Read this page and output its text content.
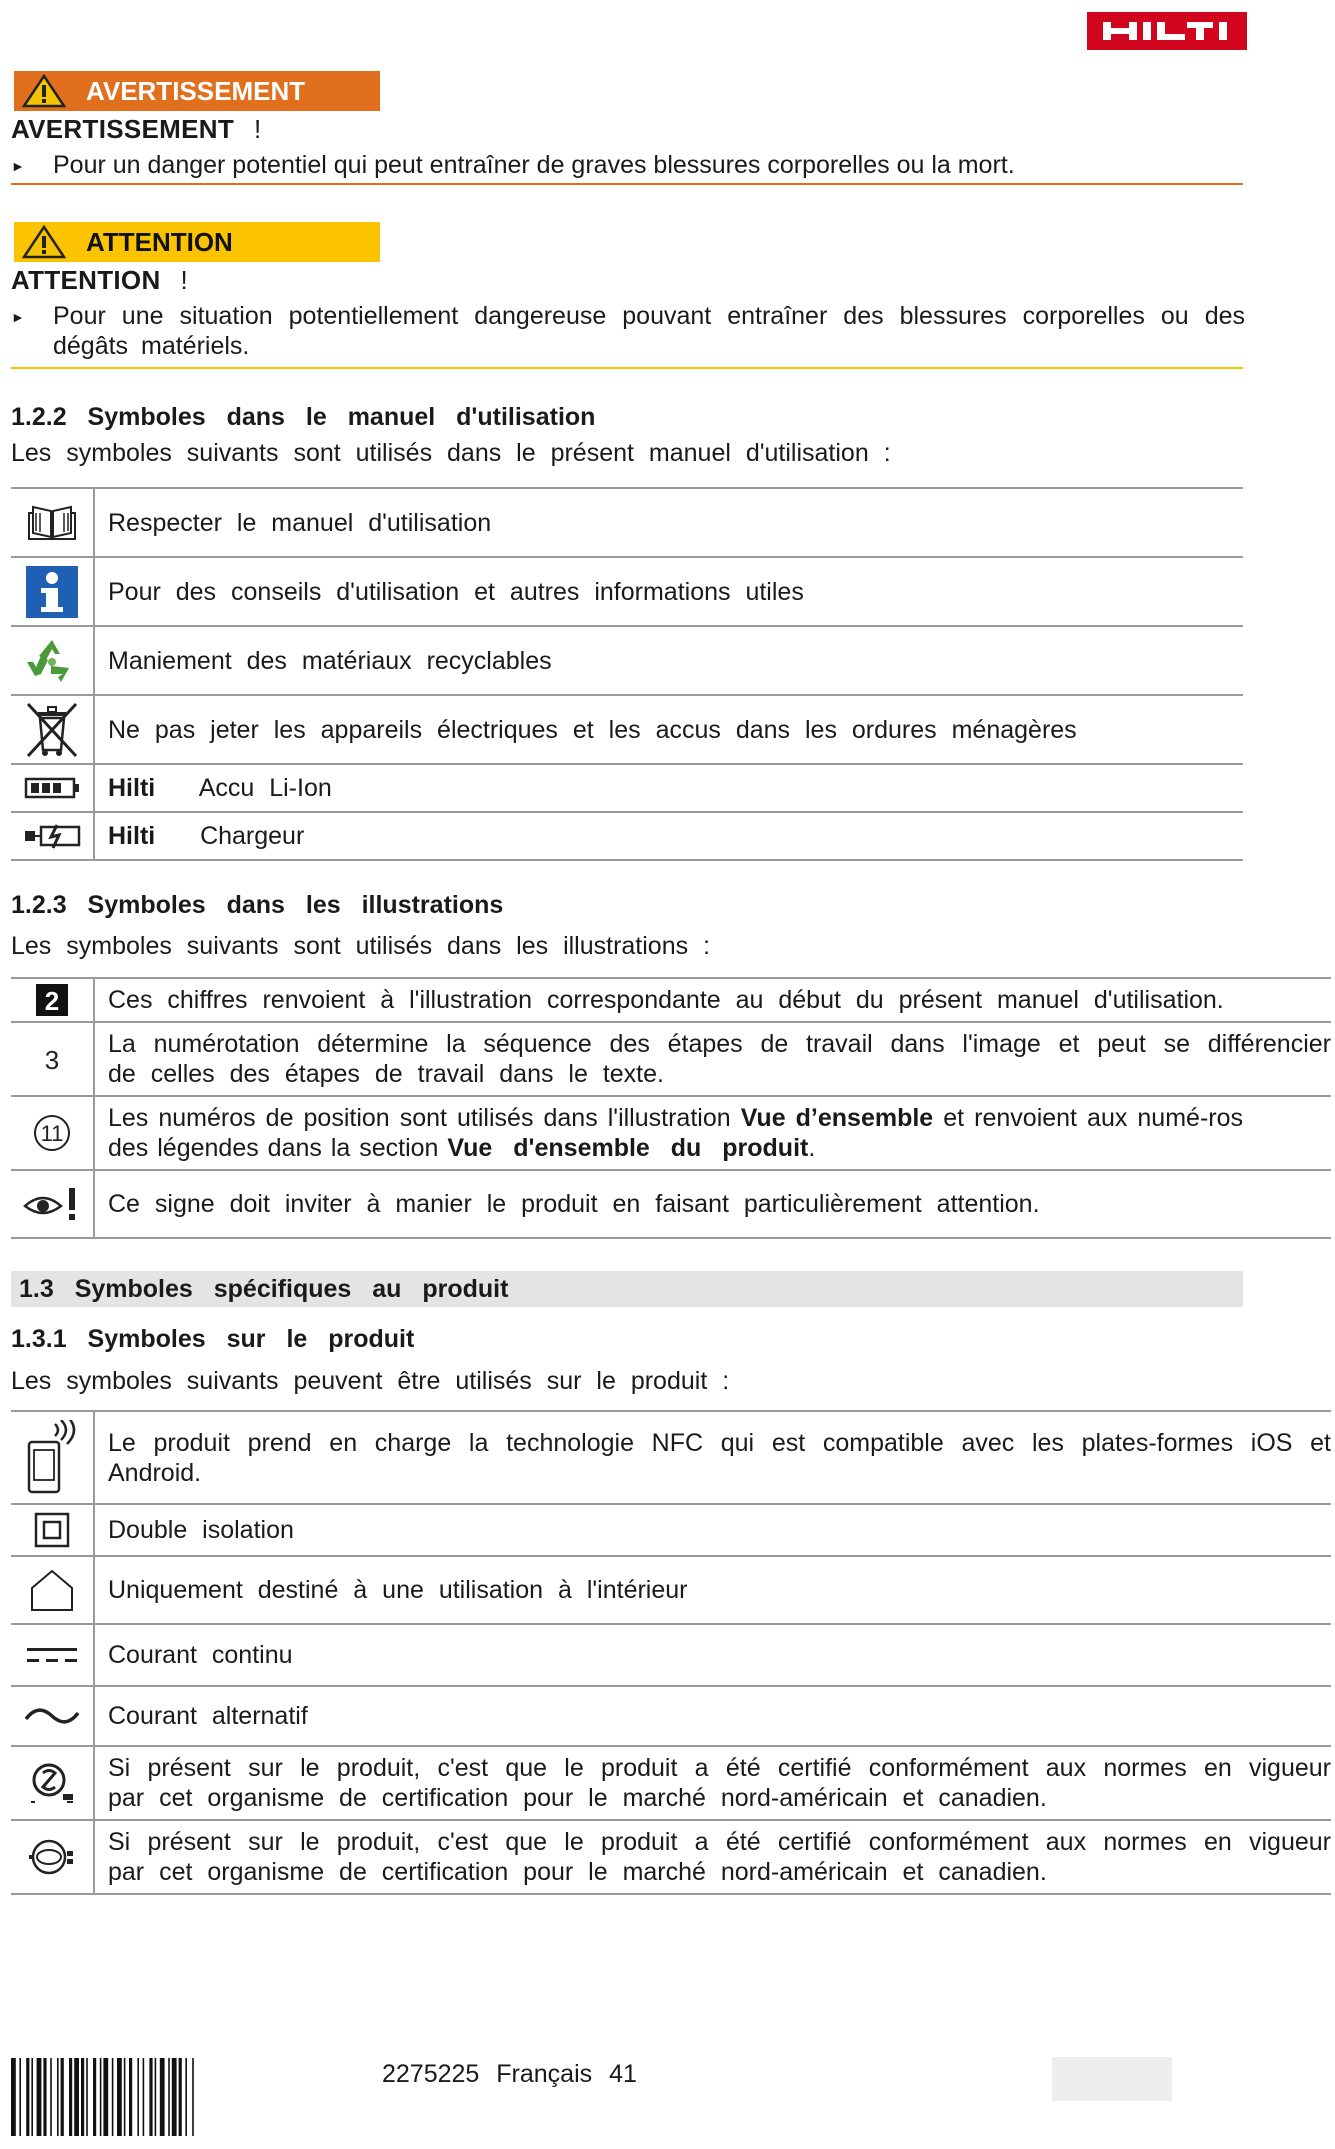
AVERTISSEMENT
AVERTISSEMENT !
► Pour un danger potentiel qui peut entraîner de graves blessures corporelles ou la mort.
ATTENTION
ATTENTION !
► Pour une situation potentiellement dangereuse pouvant entraîner des blessures corporelles ou des dégâts matériels.
1.2.2 Symboles dans le manuel d'utilisation
Les symboles suivants sont utilisés dans le présent manuel d'utilisation :
	Respecter le manuel d'utilisation

	Pour des conseils d'utilisation et autres informations utiles

	Maniement des matériaux recyclables

	Ne pas jeter les appareils électriques et les accus dans les ordures ménagères

	Hilti Accu Li-Ion

	Hilti Chargeur
1.2.3 Symboles dans les illustrations
Les symboles suivants sont utilisés dans les illustrations :
2	Ces chiffres renvoient à l'illustration correspondante au début du présent manuel d'utilisation.

3	La numérotation détermine la séquence des étapes de travail dans l'image et peut se différencier de celles des étapes de travail dans le texte.

11	Les numéros de position sont utilisés dans l'illustration Vue d’ensemble et renvoient aux numé-ros des légendes dans la section Vue d'ensemble du produit.

	Ce signe doit inviter à manier le produit en faisant particulièrement attention.
1.3 Symboles spécifiques au produit
1.3.1 Symboles sur le produit
Les symboles suivants peuvent être utilisés sur le produit :
	Le produit prend en charge la technologie NFC qui est compatible avec les plates-formes iOS et Android.

	Double isolation

	Uniquement destiné à une utilisation à l'intérieur

	Courant continu

	Courant alternatif

	Si présent sur le produit, c'est que le produit a été certifié conformément aux normes en vigueur par cet organisme de certification pour le marché nord-américain et canadien.

	Si présent sur le produit, c'est que le produit a été certifié conformément aux normes en vigueur par cet organisme de certification pour le marché nord-américain et canadien.
2275225 Français 41
